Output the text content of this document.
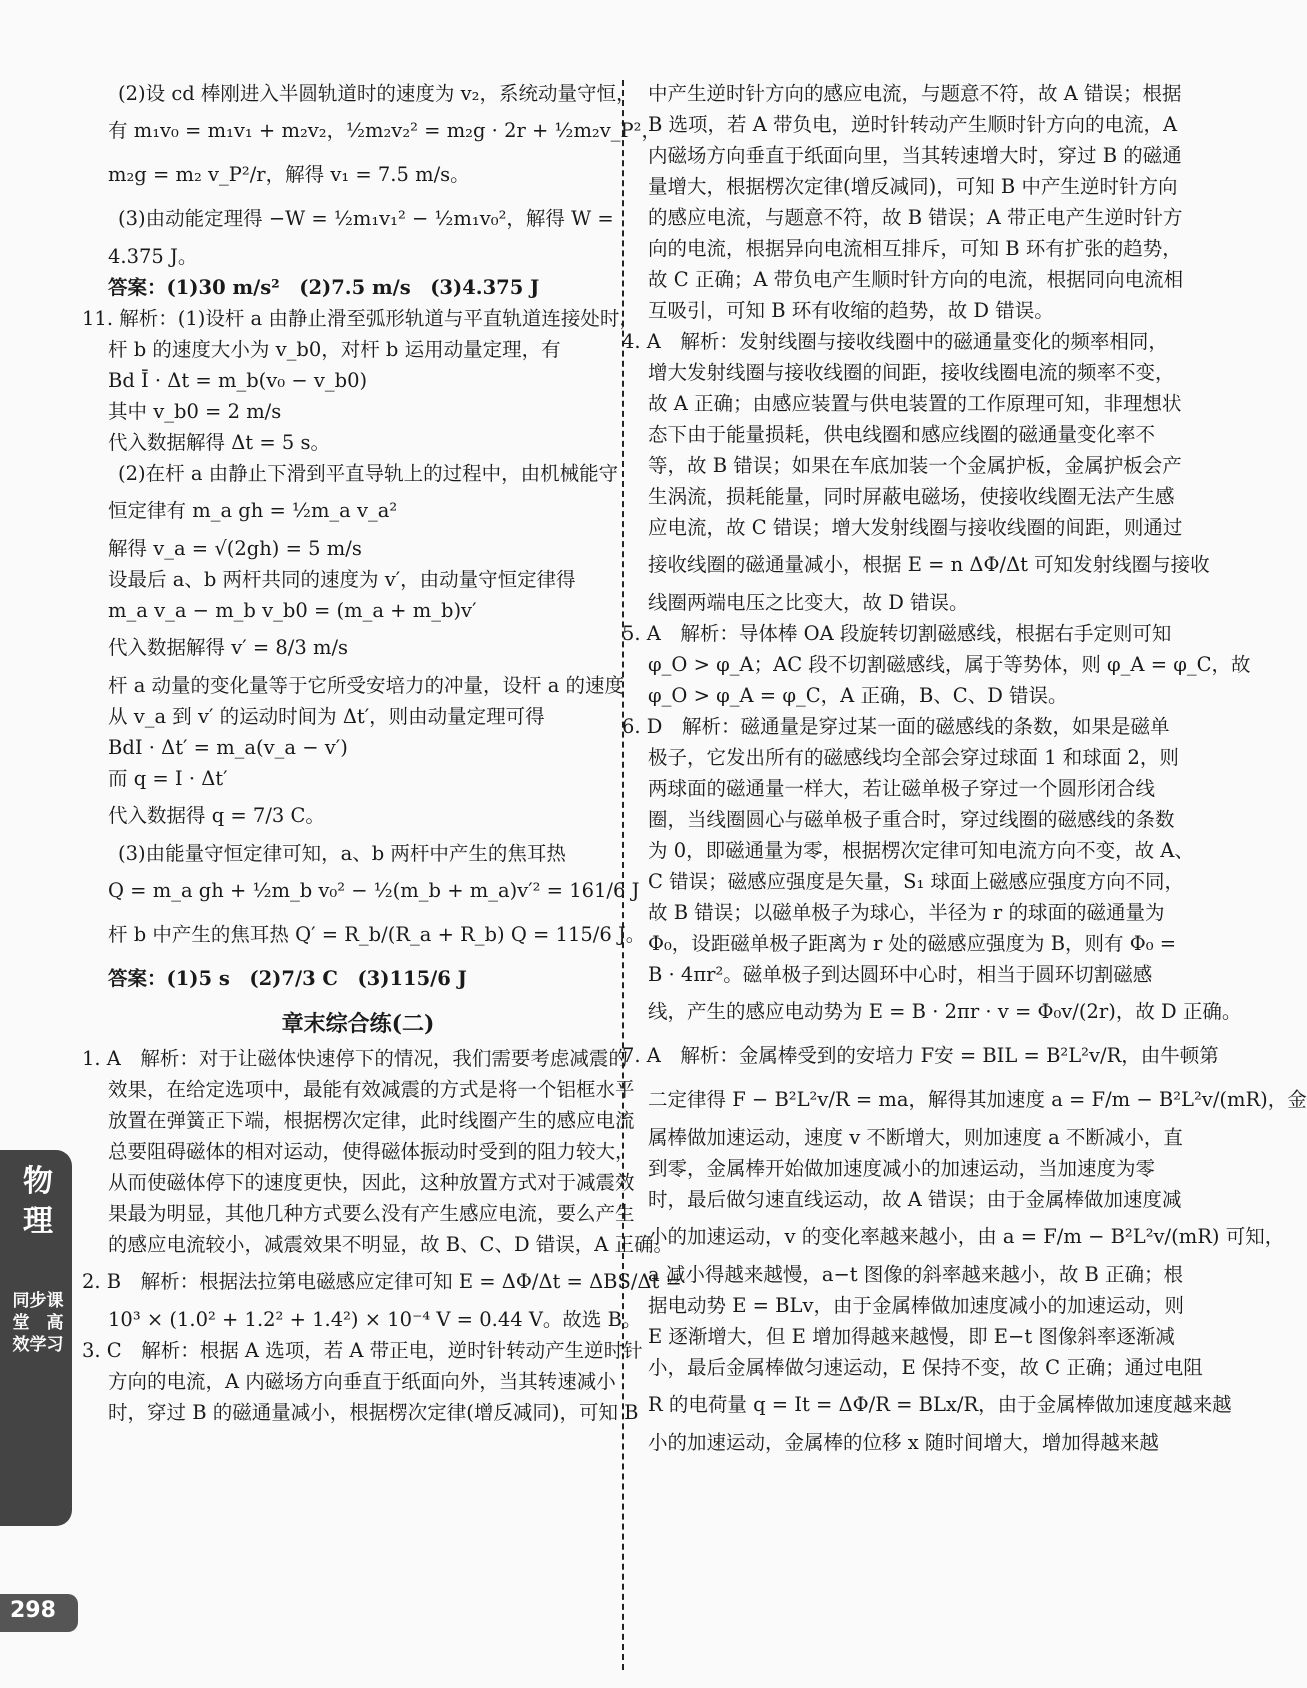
(2)设 cd 棒刚进入半圆轨道时的速度为 v₂，系统动量守恒，
有 m₁v₀ = m₁v₁ + m₂v₂，½m₂v₂² = m₂g · 2r + ½m₂v_P²，
m₂g = m₂ v_P²/r，解得 v₁ = 7.5 m/s。
(3)由动能定理得 −W = ½m₁v₁² − ½m₁v₀²，解得 W =
4.375 J。
答案：(1)30 m/s²　(2)7.5 m/s　(3)4.375 J
11. 解析：(1)设杆 a 由静止滑至弧形轨道与平直轨道连接处时，
杆 b 的速度大小为 v_b0，对杆 b 运用动量定理，有
Bd Ī · Δt = m_b(v₀ − v_b0)
其中 v_b0 = 2 m/s
代入数据解得 Δt = 5 s。
(2)在杆 a 由静止下滑到平直导轨上的过程中，由机械能守
恒定律有 m_a gh = ½m_a v_a²
解得 v_a = √(2gh) = 5 m/s
设最后 a、b 两杆共同的速度为 v′，由动量守恒定律得
m_a v_a − m_b v_b0 = (m_a + m_b)v′
代入数据解得 v′ = 8/3 m/s
杆 a 动量的变化量等于它所受安培力的冲量，设杆 a 的速度
从 v_a 到 v′ 的运动时间为 Δt′，则由动量定理可得
BdI · Δt′ = m_a(v_a − v′)
而 q = I · Δt′
代入数据得 q = 7/3 C。
(3)由能量守恒定律可知，a、b 两杆中产生的焦耳热
Q = m_a gh + ½m_b v₀² − ½(m_b + m_a)v′² = 161/6 J
杆 b 中产生的焦耳热 Q′ = R_b/(R_a + R_b) Q = 115/6 J。
答案：(1)5 s　(2)7/3 C　(3)115/6 J
章末综合练(二)
1. A　解析：对于让磁体快速停下的情况，我们需要考虑减震的
效果，在给定选项中，最能有效减震的方式是将一个铝框水平
放置在弹簧正下端，根据楞次定律，此时线圈产生的感应电流
总要阻碍磁体的相对运动，使得磁体振动时受到的阻力较大，
从而使磁体停下的速度更快，因此，这种放置方式对于减震效
果最为明显，其他几种方式要么没有产生感应电流，要么产生
的感应电流较小，减震效果不明显，故 B、C、D 错误，A 正确。
2. B　解析：根据法拉第电磁感应定律可知 E = ΔΦ/Δt = ΔBS/Δt =
10³ × (1.0² + 1.2² + 1.4²) × 10⁻⁴ V = 0.44 V。故选 B。
3. C　解析：根据 A 选项，若 A 带正电，逆时针转动产生逆时针
方向的电流，A 内磁场方向垂直于纸面向外，当其转速减小
时，穿过 B 的磁通量减小，根据楞次定律(增反减同)，可知 B
中产生逆时针方向的感应电流，与题意不符，故 A 错误；根据
B 选项，若 A 带负电，逆时针转动产生顺时针方向的电流，A
内磁场方向垂直于纸面向里，当其转速增大时，穿过 B 的磁通
量增大，根据楞次定律(增反减同)，可知 B 中产生逆时针方向
的感应电流，与题意不符，故 B 错误；A 带正电产生逆时针方
向的电流，根据异向电流相互排斥，可知 B 环有扩张的趋势，
故 C 正确；A 带负电产生顺时针方向的电流，根据同向电流相
互吸引，可知 B 环有收缩的趋势，故 D 错误。
4. A　解析：发射线圈与接收线圈中的磁通量变化的频率相同，
增大发射线圈与接收线圈的间距，接收线圈电流的频率不变，
故 A 正确；由感应装置与供电装置的工作原理可知，非理想状
态下由于能量损耗，供电线圈和感应线圈的磁通量变化率不
等，故 B 错误；如果在车底加装一个金属护板，金属护板会产
生涡流，损耗能量，同时屏蔽电磁场，使接收线圈无法产生感
应电流，故 C 错误；增大发射线圈与接收线圈的间距，则通过
接收线圈的磁通量减小，根据 E = n ΔΦ/Δt 可知发射线圈与接收
线圈两端电压之比变大，故 D 错误。
5. A　解析：导体棒 OA 段旋转切割磁感线，根据右手定则可知
φ_O > φ_A；AC 段不切割磁感线，属于等势体，则 φ_A = φ_C，故
φ_O > φ_A = φ_C，A 正确，B、C、D 错误。
6. D　解析：磁通量是穿过某一面的磁感线的条数，如果是磁单
极子，它发出所有的磁感线均全部会穿过球面 1 和球面 2，则
两球面的磁通量一样大，若让磁单极子穿过一个圆形闭合线
圈，当线圈圆心与磁单极子重合时，穿过线圈的磁感线的条数
为 0，即磁通量为零，根据楞次定律可知电流方向不变，故 A、
C 错误；磁感应强度是矢量，S₁ 球面上磁感应强度方向不同，
故 B 错误；以磁单极子为球心，半径为 r 的球面的磁通量为
Φ₀，设距磁单极子距离为 r 处的磁感应强度为 B，则有 Φ₀ =
B · 4πr²。磁单极子到达圆环中心时，相当于圆环切割磁感
线，产生的感应电动势为 E = B · 2πr · v = Φ₀v/(2r)，故 D 正确。
7. A　解析：金属棒受到的安培力 F安 = BIL = B²L²v/R，由牛顿第
二定律得 F − B²L²v/R = ma，解得其加速度 a = F/m − B²L²v/(mR)，金
属棒做加速运动，速度 v 不断增大，则加速度 a 不断减小，直
到零，金属棒开始做加速度减小的加速运动，当加速度为零
时，最后做匀速直线运动，故 A 错误；由于金属棒做加速度减
小的加速运动，v 的变化率越来越小，由 a = F/m − B²L²v/(mR) 可知，
a 减小得越来越慢，a−t 图像的斜率越来越小，故 B 正确；根
据电动势 E = BLv，由于金属棒做加速度减小的加速运动，则
E 逐渐增大，但 E 增加得越来越慢，即 E−t 图像斜率逐渐减
小，最后金属棒做匀速运动，E 保持不变，故 C 正确；通过电阻
R 的电荷量 q = It = ΔΦ/R = BLx/R，由于金属棒做加速度越来越
小的加速运动，金属棒的位移 x 随时间增大，增加得越来越
物理
同步课堂　高效学习
298
